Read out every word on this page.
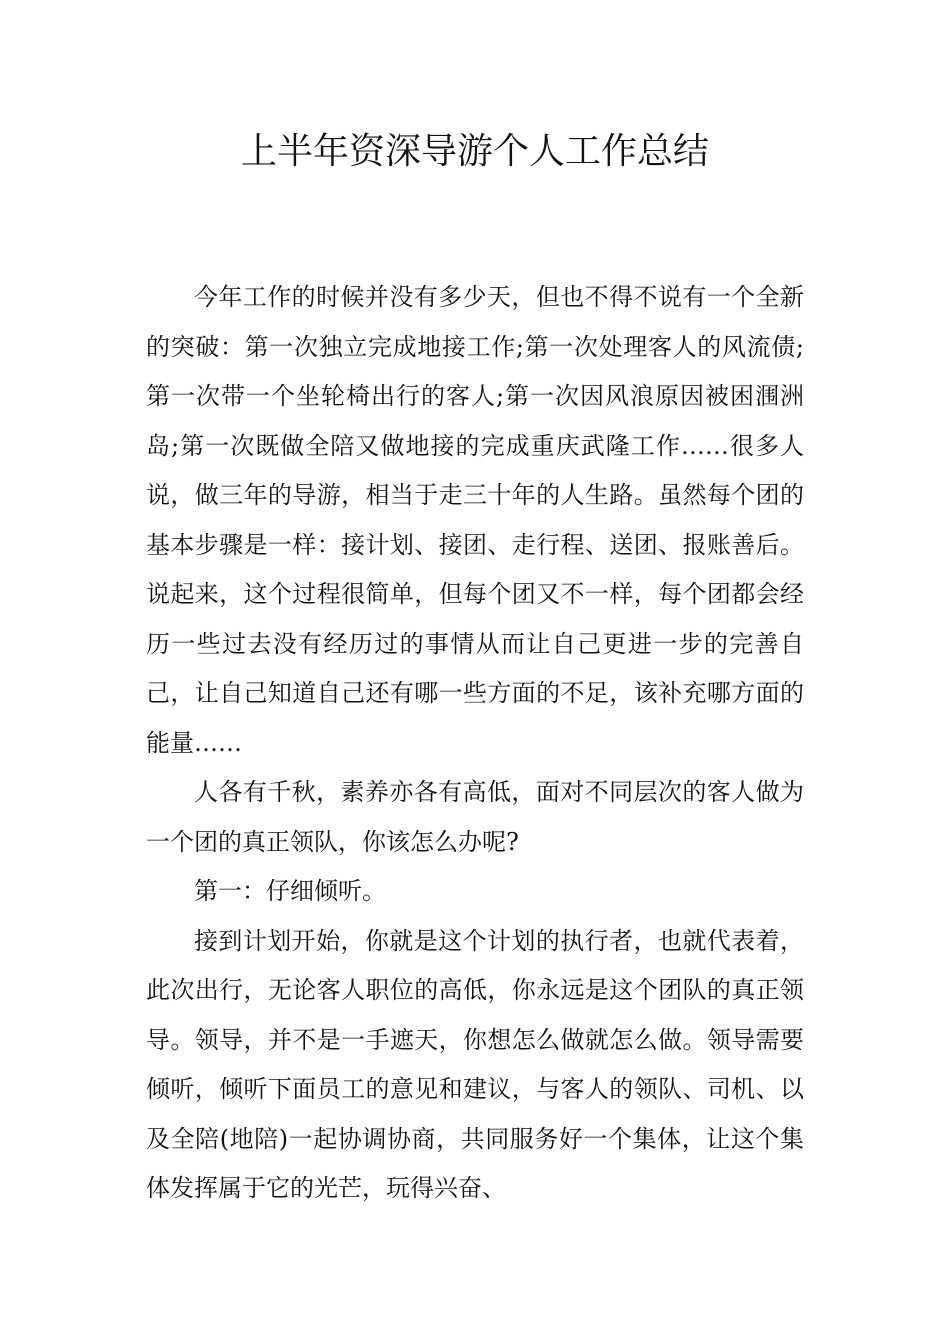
上半年资深导游个人工作总结

今年工作的时候并没有多少天，但也不得不说有一个全新的突破：第一次独立完成地接工作;第一次处理客人的风流债;第一次带一个坐轮椅出行的客人;第一次因风浪原因被困涠洲岛;第一次既做全陪又做地接的完成重庆武隆工作……很多人说，做三年的导游，相当于走三十年的人生路。虽然每个团的基本步骤是一样：接计划、接团、走行程、送团、报账善后。说起来，这个过程很简单，但每个团又不一样，每个团都会经历一些过去没有经历过的事情从而让自己更进一步的完善自己，让自己知道自己还有哪一些方面的不足，该补充哪方面的能量……

人各有千秋，素养亦各有高低，面对不同层次的客人做为一个团的真正领队，你该怎么办呢?

第一：仔细倾听。

接到计划开始，你就是这个计划的执行者，也就代表着，此次出行，无论客人职位的高低，你永远是这个团队的真正领导。领导，并不是一手遮天，你想怎么做就怎么做。领导需要倾听，倾听下面员工的意见和建议，与客人的领队、司机、以及全陪(地陪)一起协调协商，共同服务好一个集体，让这个集体发挥属于它的光芒，玩得兴奋、
